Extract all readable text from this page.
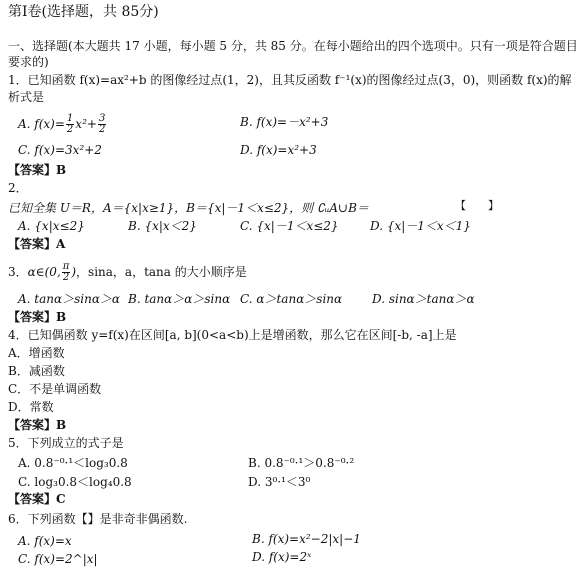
第Ⅰ卷(选择题，共 85分)
一、选择题(本大题共 17 小题，每小题 5 分，共 85 分。在每小题给出的四个选项中。只有一项是符合题目
要求的)
1．已知函数 f(x)=ax²+b 的图像经过点(1，2)，且其反函数 f⁻¹(x)的图像经过点(3，0)，则函数 f(x)的解
析式是
A. $f(x)= \frac{1}{2} x^2+ \frac{3}{2}$	B. f(x)=－x²+3
C. f(x)=3x²+2	D. f(x)=x²+3
【答案】B
2．
已知全集 U＝R，A＝{x|x≥1}，B＝{x|－1＜x≤2}，则 ∁ᵤA∪B＝	【　　】
A. {x|x≤2}	B. {x|x＜2}	C. {x|－1＜x≤2}	D. {x|－1＜x＜1}
【答案】A
3．α∈(0, $\frac{\pi}{2}$ )，sina，a，tana 的大小顺序是
A. tanα＞sinα＞α B. tanα＞α＞sinα C. α＞tanα＞sinα D. sinα＞tanα＞α
【答案】B
4．已知偶函数 y=f(x)在区间[a, b](0<a<b)上是增函数，那么它在区间[-b, -a]上是
A．增函数
B．减函数
C．不是单调函数
D．常数
【答案】B
5．下列成立的式子是
A. 0.8⁻⁰·¹＜log₃0.8	B. 0.8⁻⁰·¹＞0.8⁻⁰·²
C. log₃0.8＜log₄0.8	D. 3⁰·¹＜3⁰
【答案】C
6．下列函数【】是非奇非偶函数.
A. f(x)=x	B. f(x)=x²−2|x|−1
C. f(x)=2^|x|	D. f(x)=2ˣ
